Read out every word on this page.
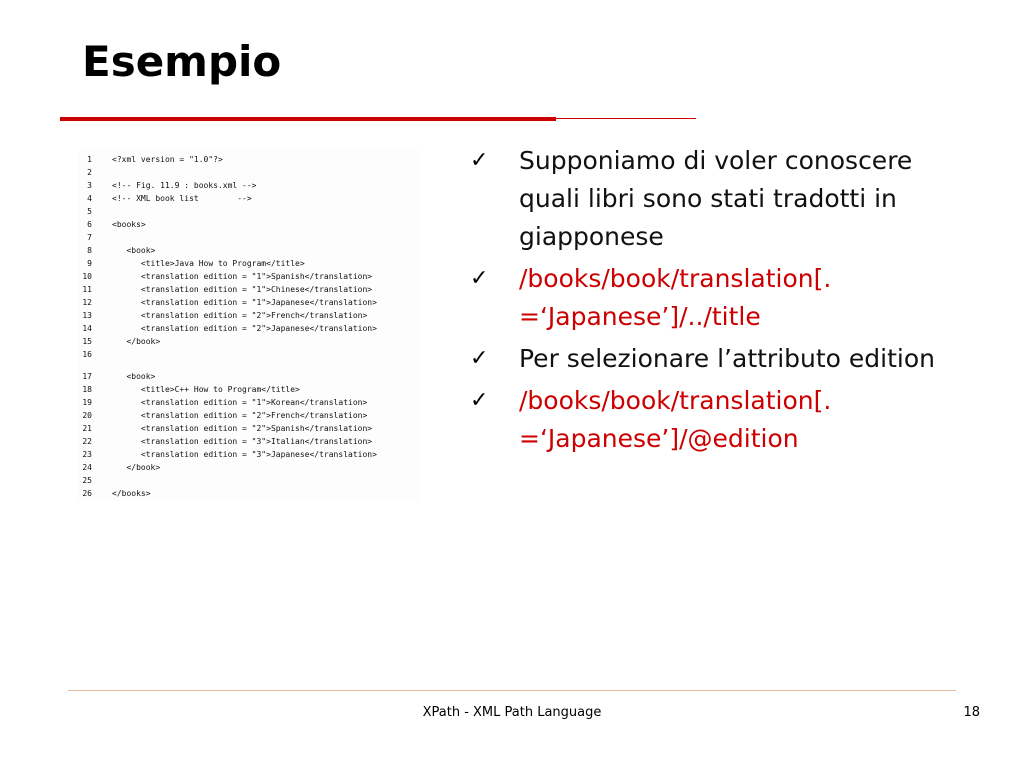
Esempio
1	<?xml version = "1.0"?>
2
3	<!-- Fig. 11.9 : books.xml -->
4	<!-- XML book list        -->
5
6	<books>
7
8	<book>
9	<title>Java How to Program</title>
10	<translation edition = "1">Spanish</translation>
11	<translation edition = "1">Chinese</translation>
12	<translation edition = "1">Japanese</translation>
13	<translation edition = "2">French</translation>
14	<translation edition = "2">Japanese</translation>
15	</book>
16
17	<book>
18	<title>C++ How to Program</title>
19	<translation edition = "1">Korean</translation>
20	<translation edition = "2">French</translation>
21	<translation edition = "2">Spanish</translation>
22	<translation edition = "3">Italian</translation>
23	<translation edition = "3">Japanese</translation>
24	</book>
25
26	</books>
✓ Supponiamo di voler conoscere quali libri sono stati tradotti in giapponese
✓ /books/book/translation[. =‘Japanese’]/../title
✓ Per selezionare l’attributo edition
✓ /books/book/translation[. =‘Japanese’]/@edition
XPath - XML Path Language	18
